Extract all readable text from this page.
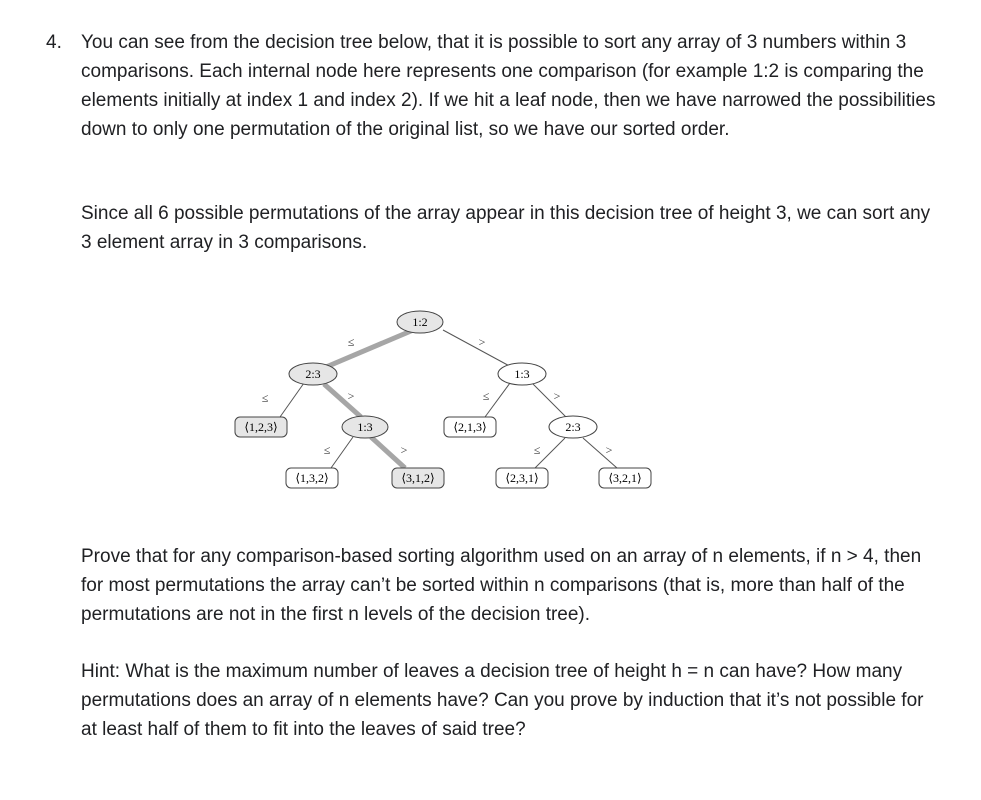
4. You can see from the decision tree below, that it is possible to sort any array of 3 numbers within 3 comparisons. Each internal node here represents one comparison (for example 1:2 is comparing the elements initially at index 1 and index 2). If we hit a leaf node, then we have narrowed the possibilities down to only one permutation of the original list, so we have our sorted order.

Since all 6 possible permutations of the array appear in this decision tree of height 3, we can sort any 3 element array in 3 comparisons.

≤	>
≤	>	≤	>
≤	>	≤	>
1:2
2:3	1:3
1:3	2:3
⟨1,2,3⟩
⟨1,3,2⟩	⟨3,1,2⟩
⟨2,1,3⟩
⟨2,3,1⟩	⟨3,2,1⟩

Prove that for any comparison-based sorting algorithm used on an array of n elements, if n > 4, then for most permutations the array can’t be sorted within n comparisons (that is, more than half of the permutations are not in the first n levels of the decision tree).

Hint: What is the maximum number of leaves a decision tree of height h = n can have? How many permutations does an array of n elements have? Can you prove by induction that it’s not possible for at least half of them to fit into the leaves of said tree?
